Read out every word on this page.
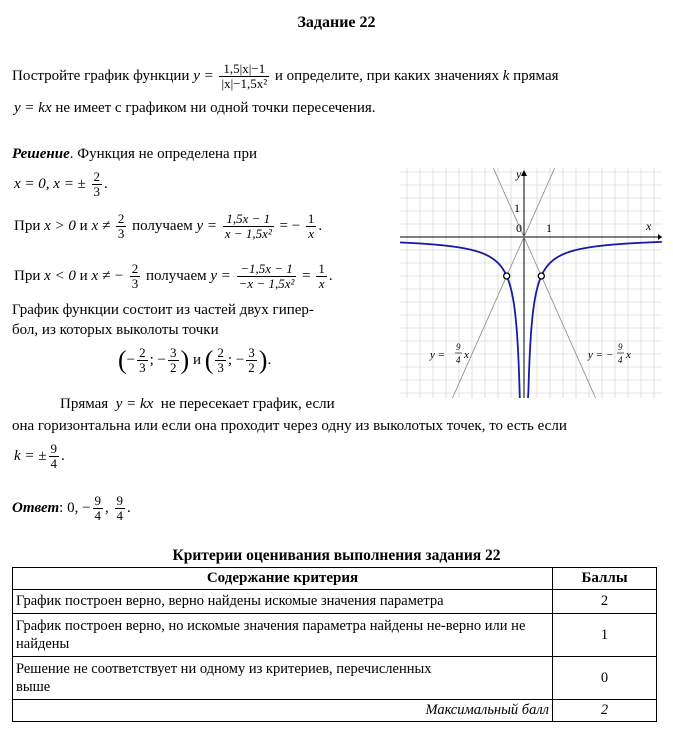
Задание 22
Постройте график функции $y = \frac{1,5|x|-1}{\text{|x|−1,5x²}}$ и определите, при каких значениях k прямая
y = kx не имеет с графиком ни одной точки пересечения.
Решение. Функция не определена при
x = 0, x = ± $\frac{2}{3}$ .
При x > 0 и $x \ne \frac{2}{3}$ получаем $y = \frac{1,5x - 1}{\text{x − 1,5x²}}$ = − $\frac{1}{x}$ .
При x < 0 и x ≠ − $\frac{2}{3}$ получаем $y = \frac{-1,5x - 1}{\text{−x − 1,5x²}} = \frac{1}{x}$ .
График функции состоит из частей двух гипер-
бол, из которых выколоты точки
(− $\frac{2}{3}$ ; − $\frac{3}{2}$ ) и ( $\frac{2}{3}$ ; − $\frac{3}{2}$ ).
Прямая y = kx не пересекает график, если
она горизонтальна или если она проходит через одну из выколотых точек, то есть если
k = ± $\frac{9}{4}$ .
Ответ: 0, − $\frac{9}{4}$ , $\frac{9}{4}$ .
y
x
1
0 1
y =
9
4 x	y = −
9
4 x
Критерии оценивания выполнения задания 22
Содержание критерия	Баллы
График построен верно, верно найдены искомые значения параметра	2
График построен верно, но искомые значения параметра найдены не-верно или не найдены	1
Решение не соответствует ни одному из критериев, перечисленных выше	0
Максимальный балл	2
